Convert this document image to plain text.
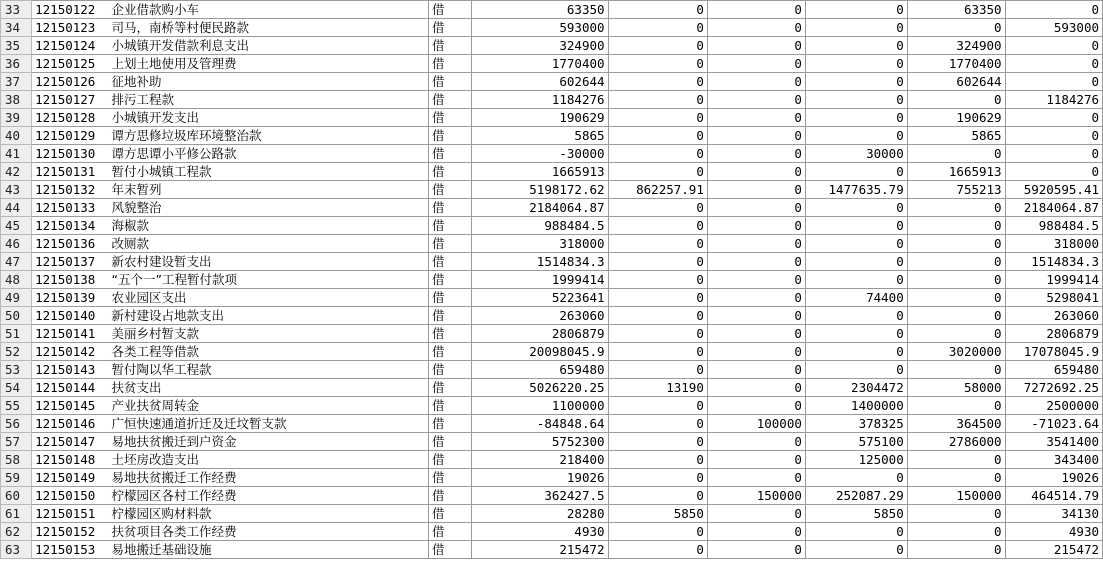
33	12150122	企业借款购小车	借	63350	0	0	0	63350	0
34	12150123	司马，南桥等村便民路款	借	593000	0	0	0	0	593000
35	12150124	小城镇开发借款利息支出	借	324900	0	0	0	324900	0
36	12150125	上划土地使用及管理费	借	1770400	0	0	0	1770400	0
37	12150126	征地补助	借	602644	0	0	0	602644	0
38	12150127	排污工程款	借	1184276	0	0	0	0	1184276
39	12150128	小城镇开发支出	借	190629	0	0	0	190629	0
40	12150129	谭方思修垃圾库环境整治款	借	5865	0	0	0	5865	0
41	12150130	谭方思谭小平修公路款	借	-30000	0	0	30000	0	0
42	12150131	暂付小城镇工程款	借	1665913	0	0	0	1665913	0
43	12150132	年末暂列	借	5198172.62	862257.91	0	1477635.79	755213	5920595.41
44	12150133	风貌整治	借	2184064.87	0	0	0	0	2184064.87
45	12150134	海椒款	借	988484.5	0	0	0	0	988484.5
46	12150136	改厕款	借	318000	0	0	0	0	318000
47	12150137	新农村建设暂支出	借	1514834.3	0	0	0	0	1514834.3
48	12150138	“五个一”工程暂付款项	借	1999414	0	0	0	0	1999414
49	12150139	农业园区支出	借	5223641	0	0	74400	0	5298041
50	12150140	新村建设占地款支出	借	263060	0	0	0	0	263060
51	12150141	美丽乡村暂支款	借	2806879	0	0	0	0	2806879
52	12150142	各类工程等借款	借	20098045.9	0	0	0	3020000	17078045.9
53	12150143	暂付陶以华工程款	借	659480	0	0	0	0	659480
54	12150144	扶贫支出	借	5026220.25	13190	0	2304472	58000	7272692.25
55	12150145	产业扶贫周转金	借	1100000	0	0	1400000	0	2500000
56	12150146	广恒快速通道折迁及迁坟暂支款	借	-84848.64	0	100000	378325	364500	-71023.64
57	12150147	易地扶贫搬迁到户资金	借	5752300	0	0	575100	2786000	3541400
58	12150148	土坯房改造支出	借	218400	0	0	125000	0	343400
59	12150149	易地扶贫搬迁工作经费	借	19026	0	0	0	0	19026
60	12150150	柠檬园区各村工作经费	借	362427.5	0	150000	252087.29	150000	464514.79
61	12150151	柠檬园区购材料款	借	28280	5850	0	5850	0	34130
62	12150152	扶贫项目各类工作经费	借	4930	0	0	0	0	4930
63	12150153	易地搬迁基础设施	借	215472	0	0	0	0	215472
